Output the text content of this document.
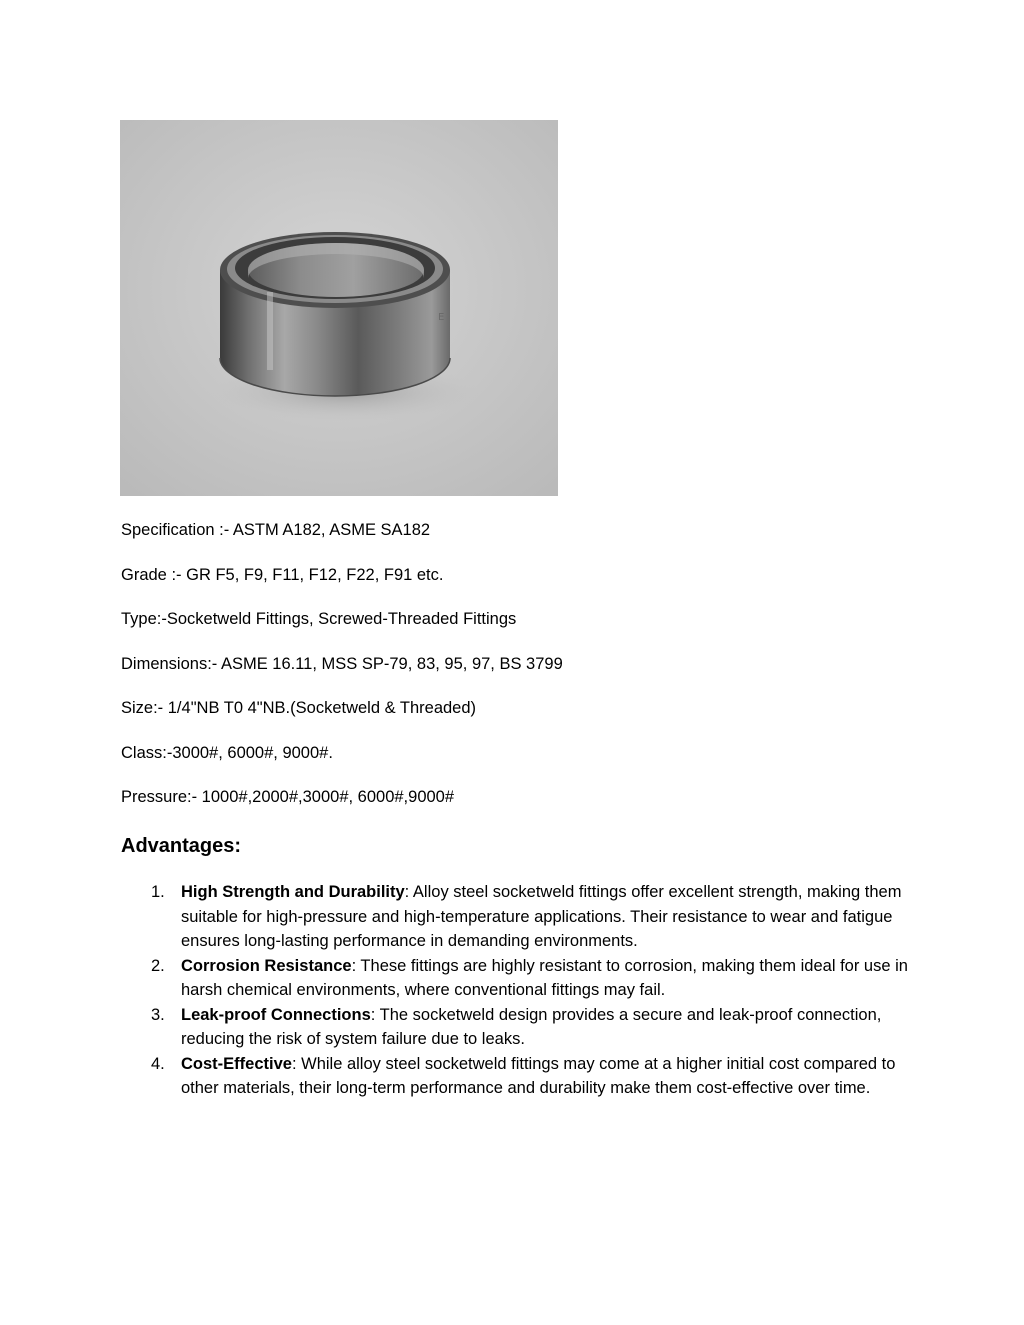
E
Specification :- ASTM A182, ASME SA182
Grade :- GR F5, F9, F11, F12, F22, F91 etc.
Type:-Socketweld Fittings, Screwed-Threaded Fittings
Dimensions:- ASME 16.11, MSS SP-79, 83, 95, 97, BS 3799
Size:- 1/4"NB T0 4"NB.(Socketweld & Threaded)
Class:-3000#, 6000#, 9000#.
Pressure:- 1000#,2000#,3000#, 6000#,9000#
Advantages:
1. High Strength and Durability: Alloy steel socketweld fittings offer excellent strength, making them suitable for high-pressure and high-temperature applications. Their resistance to wear and fatigue ensures long-lasting performance in demanding environments.
2. Corrosion Resistance: These fittings are highly resistant to corrosion, making them ideal for use in harsh chemical environments, where conventional fittings may fail.
3. Leak-proof Connections: The socketweld design provides a secure and leak-proof connection, reducing the risk of system failure due to leaks.
4. Cost-Effective: While alloy steel socketweld fittings may come at a higher initial cost compared to other materials, their long-term performance and durability make them cost-effective over time.
